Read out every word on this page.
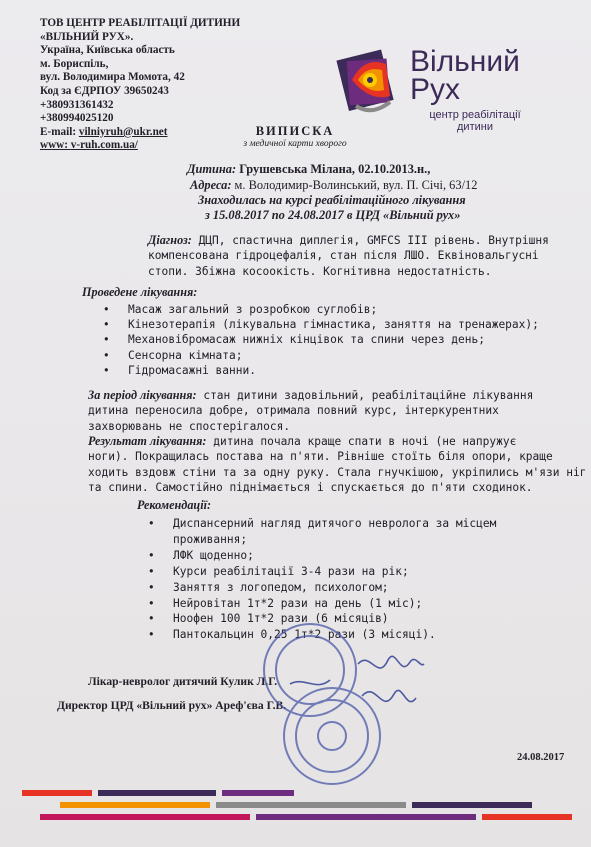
ТОВ ЦЕНТР РЕАБІЛІТАЦІЇ ДИТИНИ
«ВІЛЬНИЙ РУХ».
Україна, Київська область
м. Бориспіль,
вул. Володимира Момота, 42
Код за ЄДРПОУ 39650243
+380931361432
+380994025120
E-mail: vilniyruh@ukr.net
www: v-ruh.com.ua/
Вільний
Рух
центр реабілітації
дитини
ВИПИСКА
з медичної карти хворого
Дитина: Грушевська Мілана, 02.10.2013.н.,
Адреса: м. Володимир-Волинський, вул. П. Січі, 63/12
Знаходилась на курсі реабілітаційного лікування
з 15.08.2017 по 24.08.2017 в ЦРД «Вільний рух»
Діагноз: ДЦП, спастична диплегія, GMFCS ІІІ рівень. Внутрішня
компенсована гідроцефалія, стан після ЛШО. Еквіновальгусні
стопи. Збіжна косоокість. Когнітивна недостатність.
Проведене лікування:
• Масаж загальний з розробкою суглобів;
• Кінезотерапія (лікувальна гімнастика, заняття на тренажерах);
• Механовібромасаж нижніх кінцівок та спини через день;
• Сенсорна кімната;
• Гідромасажні ванни.
За період лікування: стан дитини задовільний, реабілітаційне лікування
дитина переносила добре, отримала повний курс, інтеркурентних
захворювань не спостерігалося.
Результат лікування: дитина почала краще спати в ночі (не напружує
ноги). Покращилась постава на п'яти. Рівніше стоїть біля опори, краще
ходить вздовж стіни та за одну руку. Стала гнучкішою, укріпились м'язи ніг
та спини. Самостійно піднімається і спускається до п'яти сходинок.
Рекомендації:
• Диспансерний нагляд дитячого невролога за місцем
проживання;
• ЛФК щоденно;
• Курси реабілітації 3-4 рази на рік;
• Заняття з логопедом, психологом;
• Нейровітан 1т*2 рази на день (1 міс);
• Ноофен 100 1т*2 рази (6 місяців)
• Пантокальцин 0,25 1т*2 рази (3 місяці).
Лікар-невролог дитячий Кулик Л.Г.
Директор ЦРД «Вільний рух» Ареф'єва Г.В.
24.08.2017
